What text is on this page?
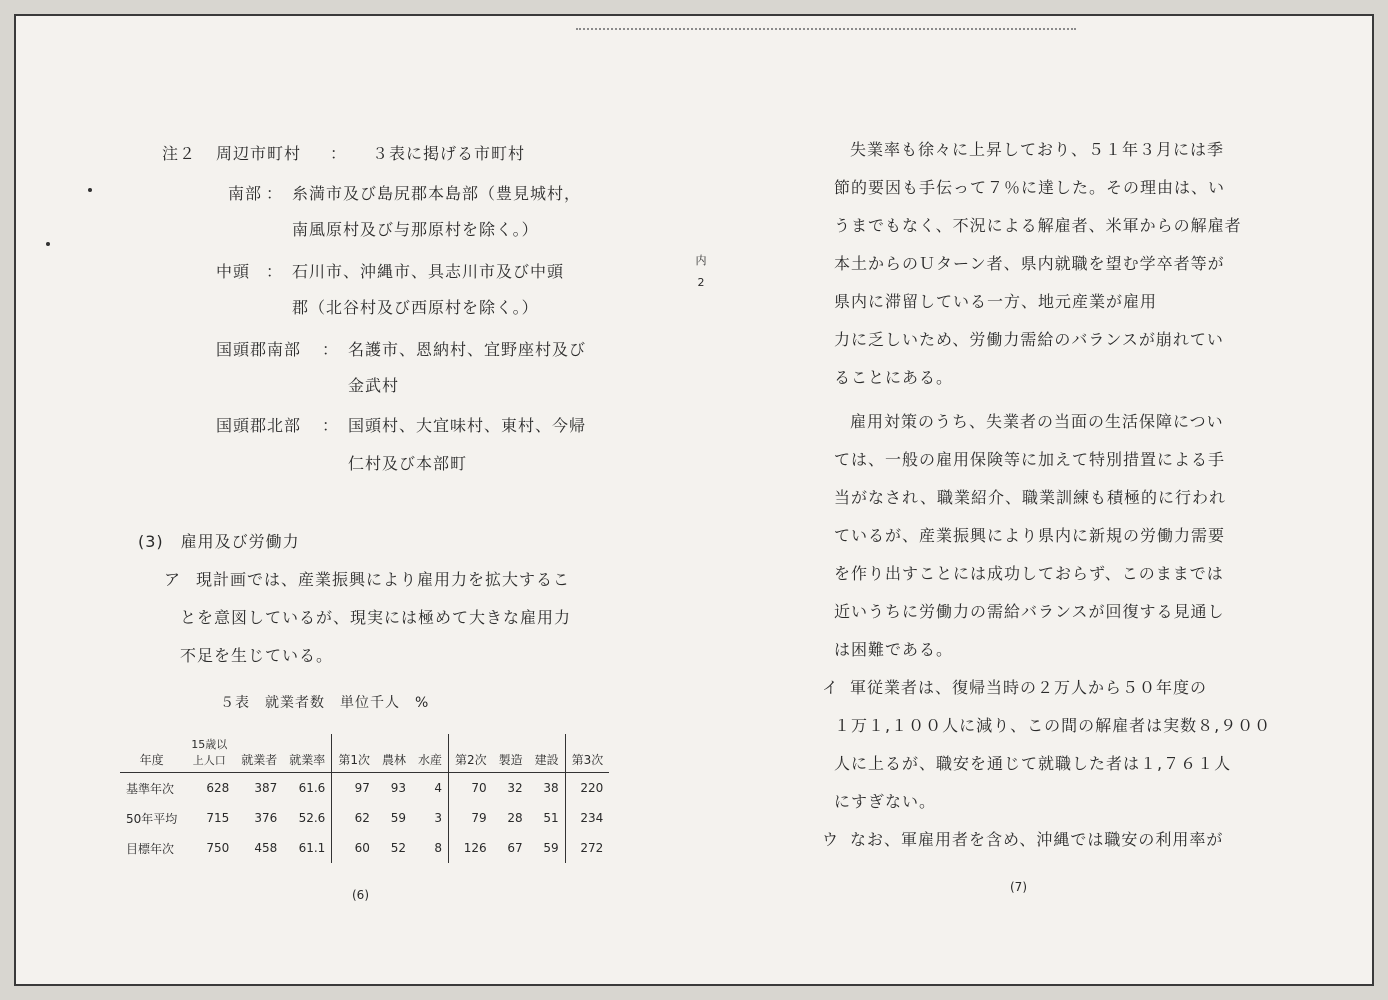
注２ 周辺市町村 ： ３表に掲げる市町村
南部 ： 糸満市及び島尻郡本島部（豊見城村，
南風原村及び与那原村を除く。）
中頭 ： 石川市、沖縄市、具志川市及び中頭
郡（北谷村及び西原村を除く。）
国頭郡南部 ： 名護市、恩納村、宜野座村及び
金武村
国頭郡北部 ： 国頭村、大宜味村、東村、今帰
仁村及び本部町
(3)　雇用及び労働力
ア 現計画では、産業振興により雇用力を拡大するこ
とを意図しているが、現実には極めて大きな雇用力
不足を生じている。
５表　就業者数　単位千人　%
年度	15歳以上人口	就業者	就業率	第1次	農林	水産	第2次	製造	建設	第3次
基準年次	628	387	61.6	97	93	4	70	32	38	220
50年平均	715	376	52.6	62	59	3	79	28	51	234
目標年次	750	458	61.1	60	52	8	126	67	59	272
(6)
内
2
失業率も徐々に上昇しており、５１年３月には季
節的要因も手伝って７％に達した。その理由は、い
うまでもなく、不況による解雇者、米軍からの解雇者
本土からのＵターン者、県内就職を望む学卒者等が
県内に滞留している一方、地元産業が雇用
力に乏しいため、労働力需給のバランスが崩れてい
ることにある。
雇用対策のうち、失業者の当面の生活保障につい
ては、一般の雇用保険等に加えて特別措置による手
当がなされ、職業紹介、職業訓練も積極的に行われ
ているが、産業振興により県内に新規の労働力需要
を作り出すことには成功しておらず、このままでは
近いうちに労働力の需給バランスが回復する見通し
は困難である。
イ 軍従業者は、復帰当時の２万人から５０年度の
１万１,１００人に減り、この間の解雇者は実数８,９００
人に上るが、職安を通じて就職した者は１,７６１人
にすぎない。
ウ なお、軍雇用者を含め、沖縄では職安の利用率が
(7)
